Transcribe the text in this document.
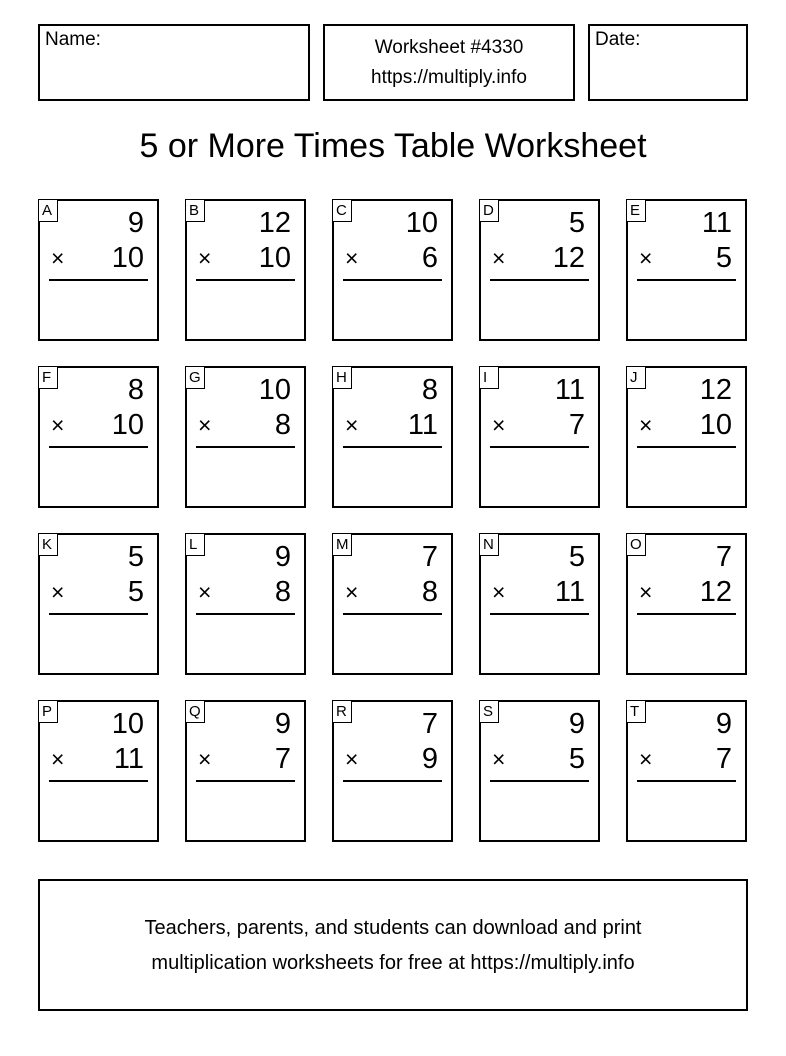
Name:	Worksheet #4330
https://multiply.info
Date:
5 or More Times Table Worksheet
A	9
× 10
B 12
× 10
C 10
× 6
D	5
× 12
E 11
× 5
F	8
× 10
G 10
× 8
H	8
× 11
I	11
× 7
J 12
× 10
K	5
× 5
L	9
× 8
M	7
× 8
N	5
× 11
O	7
× 12
P 10
× 11
Q	9
× 7
R	7
× 9
S	9
× 5
T	9
× 7
Teachers, parents, and students can download and print
multiplication worksheets for free at https://multiply.info
